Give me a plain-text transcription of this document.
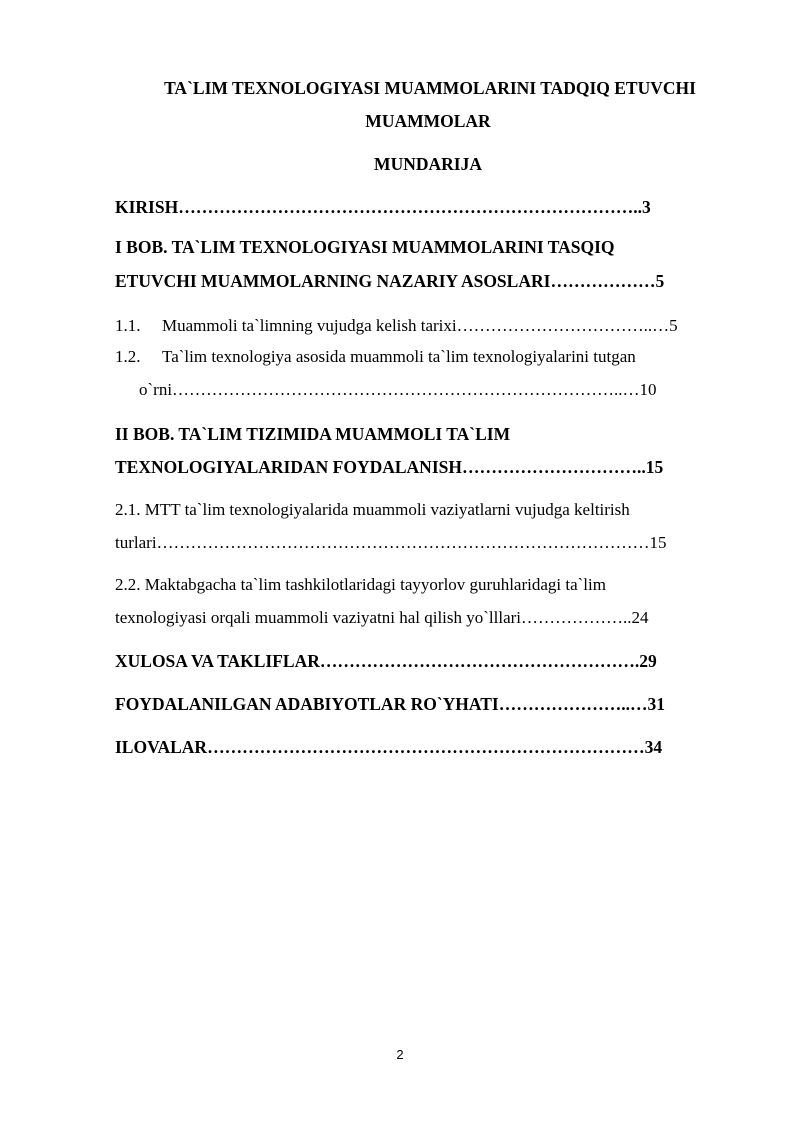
TA`LIM TEXNOLOGIYASI MUAMMOLARINI TADQIQ ETUVCHI
MUAMMOLAR
MUNDARIJA
KIRISH……………………………………………………………………..3
I BOB. TA`LIM TEXNOLOGIYASI MUAMMOLARINI TASQIQ
ETUVCHI MUAMMOLARNING NAZARIY ASOSLARI………………5
1.1. Muammoli ta`limning vujudga kelish tarixi……………………………..…5
1.2. Ta`lim texnologiya asosida muammoli ta`lim texnologiyalarini tutgan
o`rni……………………………………………………………………..…10
II BOB. TA`LIM TIZIMIDA MUAMMOLI TA`LIM
TEXNOLOGIYALARIDAN FOYDALANISH…………………………..15
2.1. MTT ta`lim texnologiyalarida muammoli vaziyatlarni vujudga keltirish
turlari……………………………………………………………………………15
2.2. Maktabgacha ta`lim tashkilotlaridagi tayyorlov guruhlaridagi ta`lim
texnologiyasi orqali muammoli vaziyatni hal qilish yo`lllari………………..24
XULOSA VA TAKLIFLAR……………………………………………….29
FOYDALANILGAN ADABIYOTLAR RO`YHATI…………………..…31
ILOVALAR…………………………………………………………………34
2
